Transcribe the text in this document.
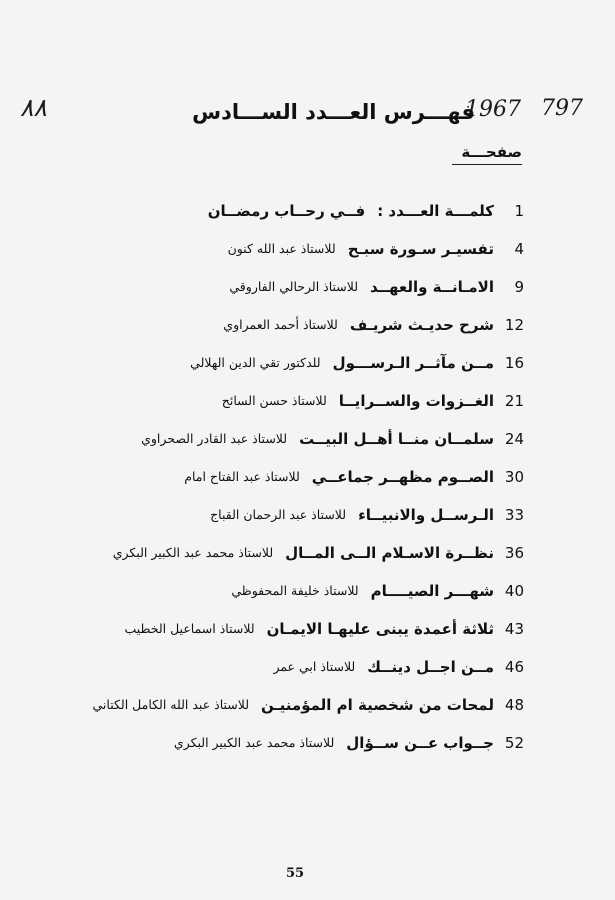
٨٨	1967 797
فهـــرس العـــدد الســـادس
صفحـــة
1
كلمـــة العـــدد :
فــي رحــاب رمضــان
4
تفسيـر سـورة سبـح
للاستاذ عبد الله كنون
9
الامـانــة والعهــد
للاستاذ الرحالي الفاروقي
12
شرح حديـث شريـف
للاستاذ أحمد العمراوي
16
مــن مآثــر الـرســـول
للدكتور تقي الدين الهلالي
21
الغــزوات والســرايــا
للاستاذ حسن السائح
24
سلمــان منــا أهــل البيــت
للاستاذ عبد القادر الصحراوي
30
الصــوم مظهــر جماعــي
للاستاذ عبد الفتاح امام
33
الـرســل والانبيــاء
للاستاذ عبد الرحمان القباج
36
نظــرة الاسـلام الــى المــال
للاستاذ محمد عبد الكبير البكري
40
شهـــر الصيــــام
للاستاذ خليفة المحفوظي
43
ثلاثة أعمدة يبنى عليهـا الايمـان
للاستاذ اسماعيل الخطيب
46
مــن اجــل دينــك
للاستاذ ابي عمر
48
لمحات من شخصية ام المؤمنيـن
للاستاذ عبد الله الكامل الكتاني
52
جــواب عــن ســؤال
للاستاذ محمد عبد الكبير البكري
55
